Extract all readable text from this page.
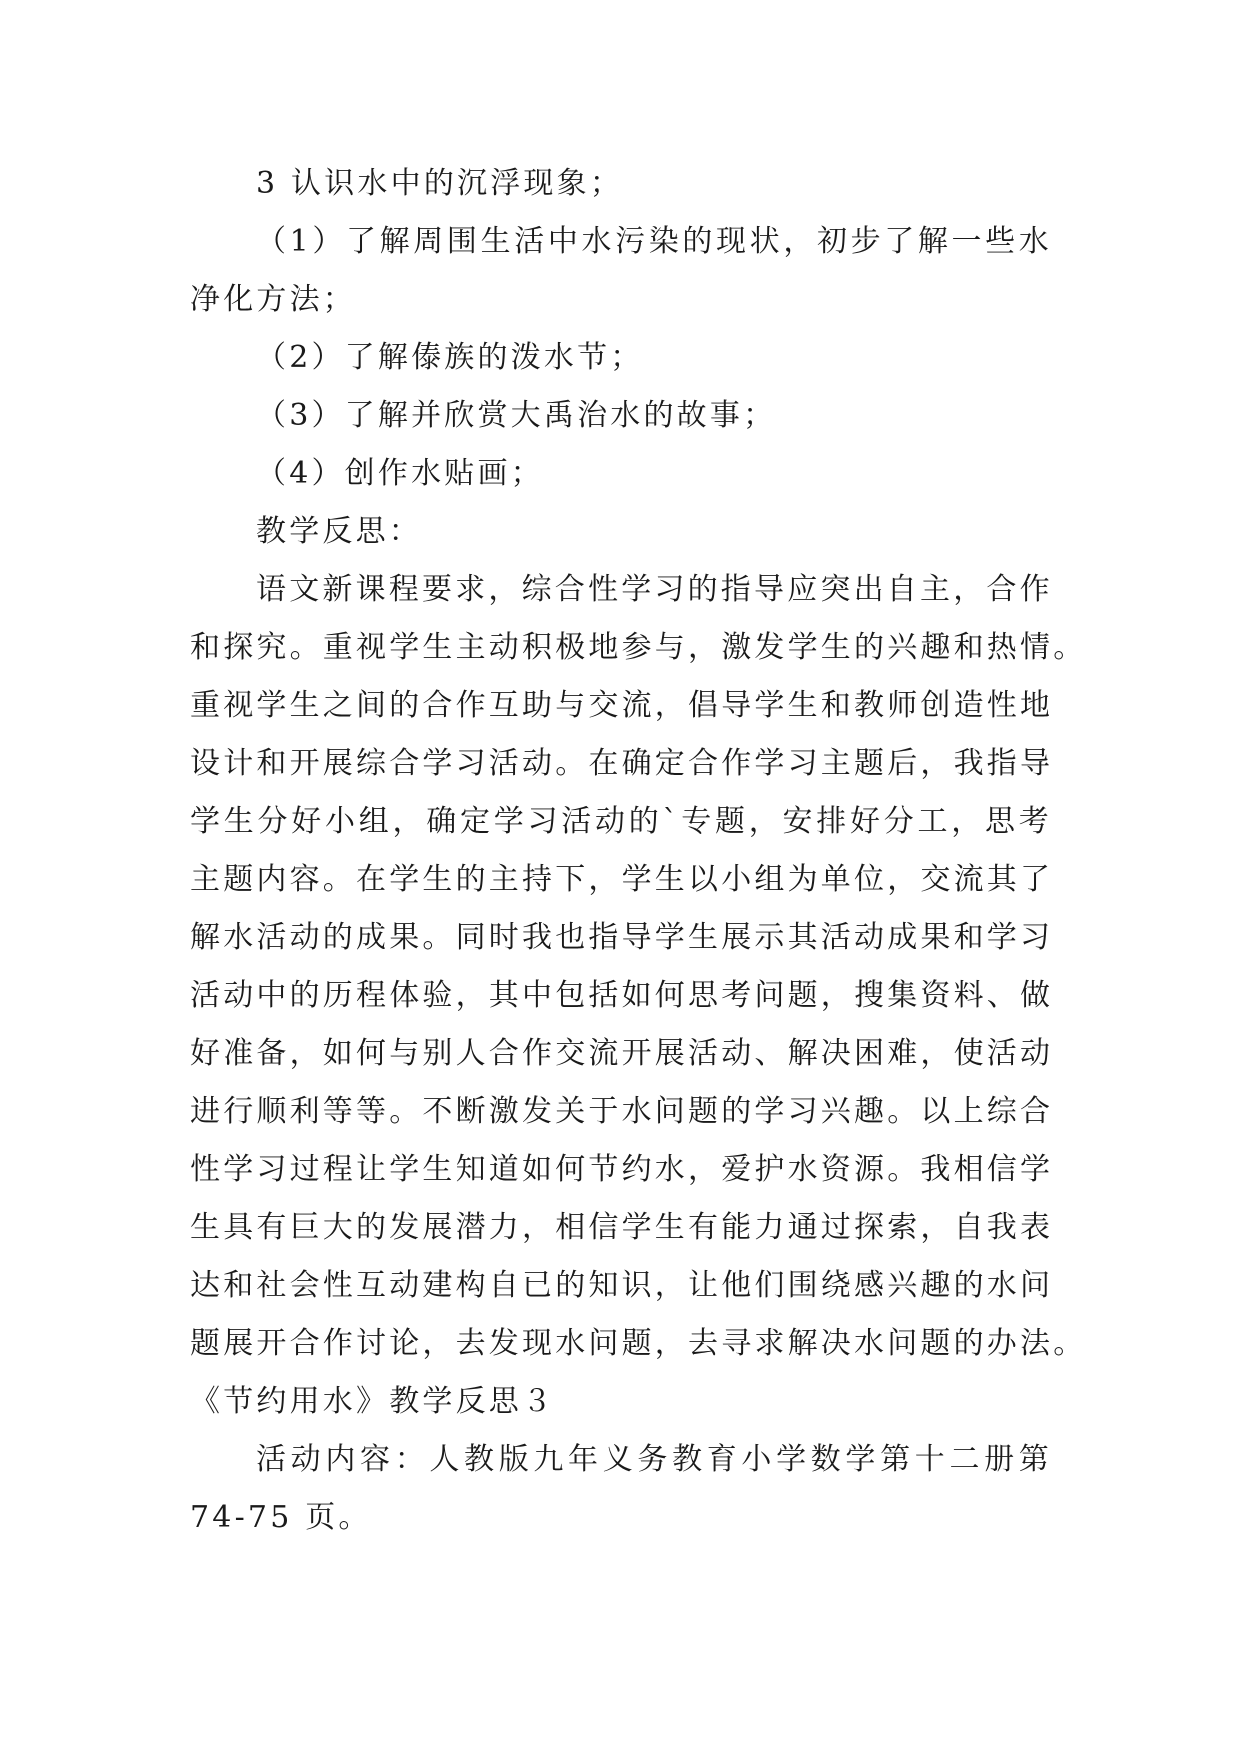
3 认识水中的沉浮现象；
（1）了解周围生活中水污染的现状，初步了解一些水
净化方法；
（2）了解傣族的泼水节；
（3）了解并欣赏大禹治水的故事；
（4）创作水贴画；
教学反思：
语文新课程要求，综合性学习的指导应突出自主，合作
和探究。重视学生主动积极地参与，激发学生的兴趣和热情。
重视学生之间的合作互助与交流，倡导学生和教师创造性地
设计和开展综合学习活动。在确定合作学习主题后，我指导
学生分好小组，确定学习活动的`专题，安排好分工，思考
主题内容。在学生的主持下，学生以小组为单位，交流其了
解水活动的成果。同时我也指导学生展示其活动成果和学习
活动中的历程体验，其中包括如何思考问题，搜集资料、做
好准备，如何与别人合作交流开展活动、解决困难，使活动
进行顺利等等。不断激发关于水问题的学习兴趣。以上综合
性学习过程让学生知道如何节约水，爱护水资源。我相信学
生具有巨大的发展潜力，相信学生有能力通过探索，自我表
达和社会性互动建构自已的知识，让他们围绕感兴趣的水问
题展开合作讨论，去发现水问题，去寻求解决水问题的办法。
《节约用水》教学反思３
活动内容：人教版九年义务教育小学数学第十二册第
74-75 页。
